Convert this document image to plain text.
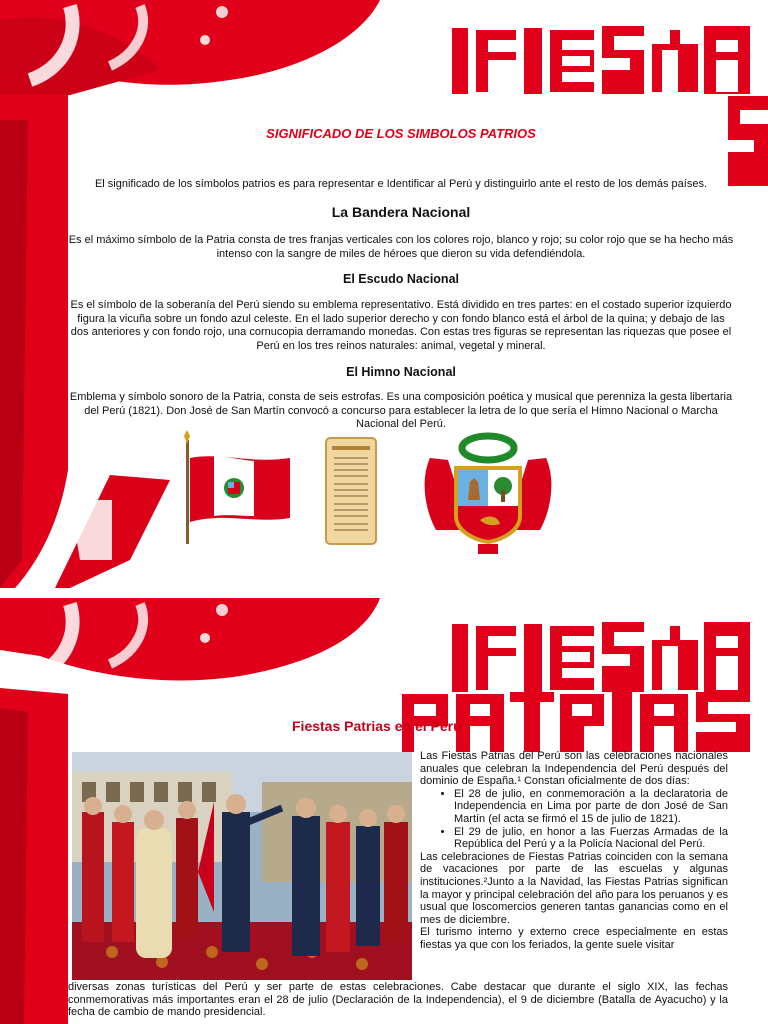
SIGNIFICADO DE LOS SIMBOLOS PATRIOS
El significado de los símbolos patrios es para representar e Identificar al Perú y distinguirlo ante el resto de los demás países.
La Bandera Nacional
Es el máximo símbolo de la Patria consta de tres franjas verticales con los colores rojo, blanco y rojo; su color rojo que se ha hecho más intenso con la sangre de miles de héroes que dieron su vida defendiéndola.
El Escudo Nacional
Es el símbolo de la soberanía del Perú siendo su emblema representativo. Está dividido en tres partes: en el costado superior izquierdo figura la vicuña sobre un fondo azul celeste. En el lado superior derecho y con fondo blanco está el árbol de la quina; y debajo de las dos anteriores y con fondo rojo, una cornucopia derramando monedas. Con estas tres figuras se representan las riquezas que posee el Perú en los tres reinos naturales: animal, vegetal y mineral.
El Himno Nacional
Emblema y símbolo sonoro de la Patria, consta de seis estrofas. Es una composición poética y musical que perenniza la gesta libertaria del Perú (1821). Don José de San Martín convocó a concurso para establecer la letra de lo que sería el Himno Nacional o Marcha Nacional del Perú.
Fiestas Patrias en el Perú

Las Fiestas Patrias del Perú son las celebraciones nacionales anuales que celebran la Independencia del Perú después del dominio de España.¹ Constan oficialmente de dos días:

• El 28 de julio, en conmemoración a la declaratoria de Independencia en Lima por parte de don José de San Martín (el acta se firmó el 15 de julio de 1821).
• El 29 de julio, en honor a las Fuerzas Armadas de la República del Perú y a la Policía Nacional del Perú.

Las celebraciones de Fiestas Patrias coinciden con la semana de vacaciones por parte de las escuelas y algunas instituciones.²Junto a la Navidad, las Fiestas Patrias significan la mayor y principal celebración del año para los peruanos y es usual que loscomercios generen tantas ganancias como en el mes de diciembre.

El turismo interno y externo crece especialmente en estas fiestas ya que con los feriados, la gente suele visitar

diversas zonas turísticas del Perú y ser parte de estas celebraciones. Cabe destacar que durante el siglo XIX, las fechas conmemorativas más importantes eran el 28 de julio (Declaración de la Independencia), el 9 de diciembre (Batalla de Ayacucho) y la fecha de cambio de mando presidencial.
